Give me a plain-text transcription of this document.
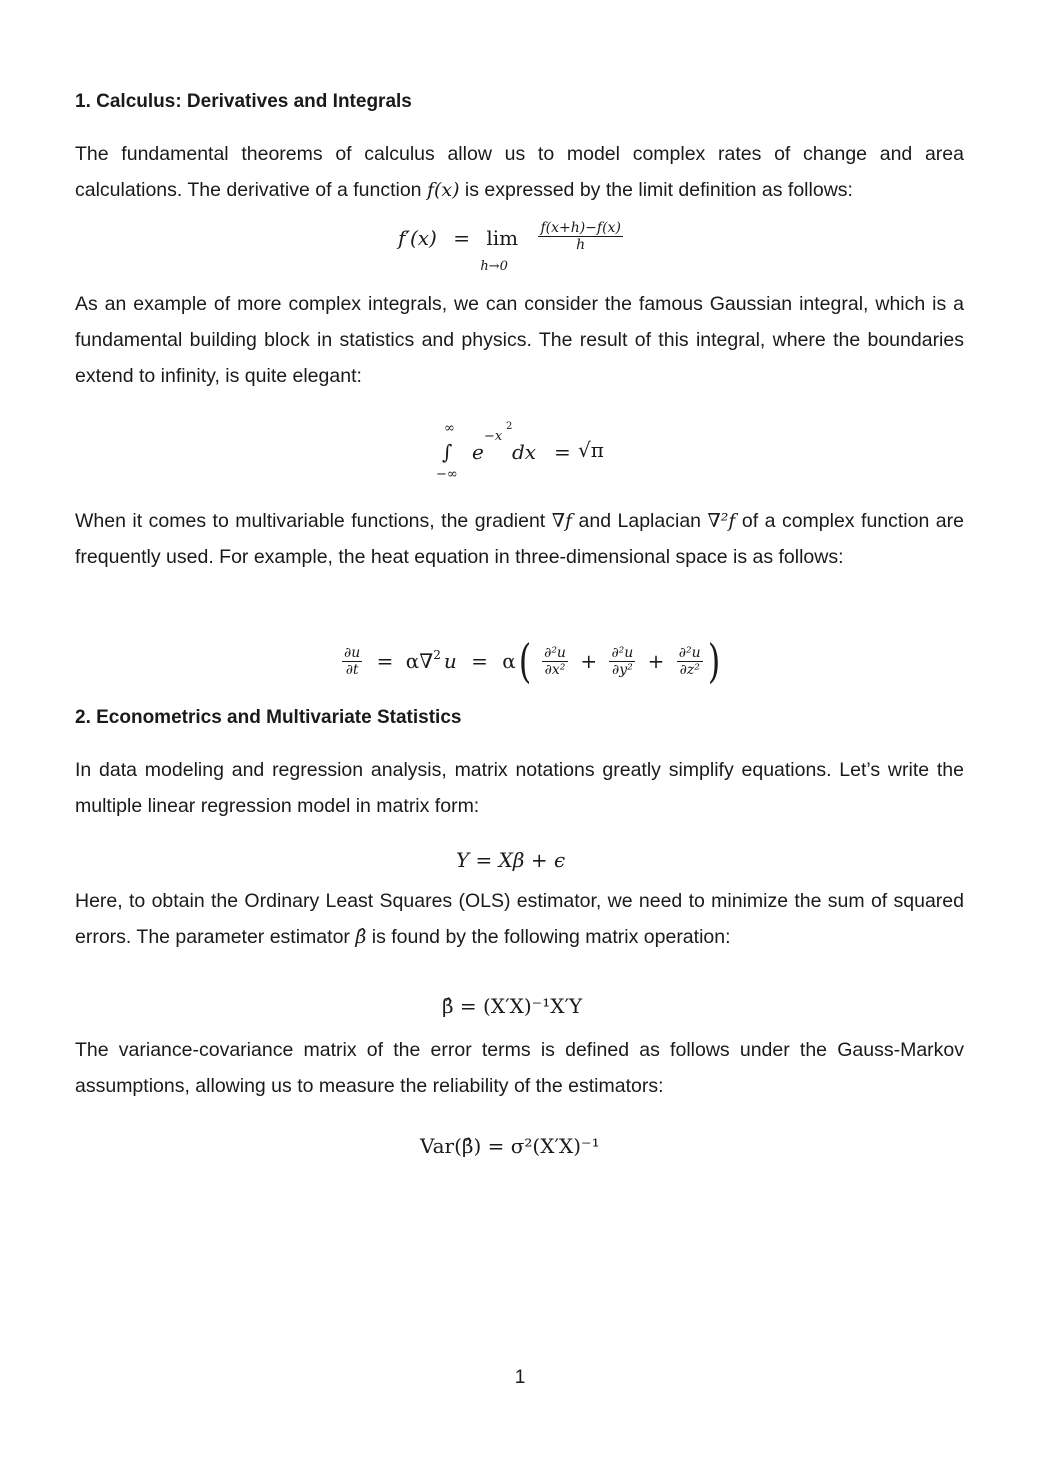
1. Calculus: Derivatives and Integrals
The fundamental theorems of calculus allow us to model complex rates of change and area calculations. The derivative of a function f(x) is expressed by the limit definition as follows:
f′(x) = lim
h→0

$\frac{f(x+h)-f(x)}{h}$
As an example of more complex integrals, we can consider the famous Gaussian integral, which is a fundamental building block in statistics and physics. The result of this integral, where the boundaries extend to infinity, is quite elegant:
∞
∫
−∞
e
−x
2
dx = √π
When it comes to multivariable functions, the gradient ∇f and Laplacian ∇²f of a complex function are frequently used. For example, the heat equation in three-dimensional space is as follows:
$\frac{\partial u}{\partial t} = \alpha\nabla^2$ $u = \alpha( \frac{\text{∂²u}}{\text{∂x²}} + \frac{\text{∂²u}}{\text{∂y²}} + \frac{\text{∂²u}}{\text{∂z²}}$ )
2. Econometrics and Multivariate Statistics
In data modeling and regression analysis, matrix notations greatly simplify equations. Let’s write the multiple linear regression model in matrix form:
Y = Xβ + ϵ
Here, to obtain the Ordinary Least Squares (OLS) estimator, we need to minimize the sum of squared errors. The parameter estimator β̂ is found by the following matrix operation:
β̂ = (X′X)⁻¹X′Y
The variance-covariance matrix of the error terms is defined as follows under the Gauss-Markov assumptions, allowing us to measure the reliability of the estimators:
Var(β̂) = σ²(X′X)⁻¹
1
